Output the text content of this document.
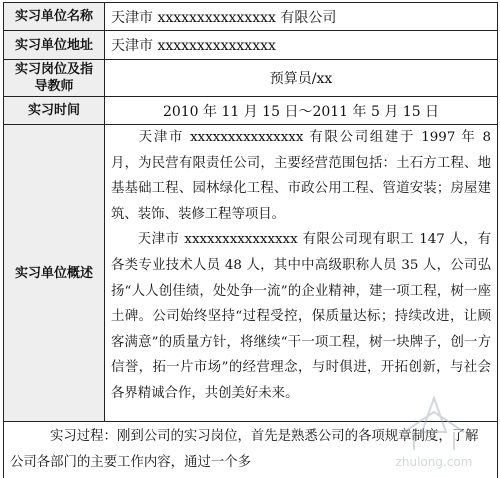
实习单位名称	天津市 xxxxxxxxxxxxxxx 有限公司
实习单位地址	天津市 xxxxxxxxxxxxxxx

实习岗位及指
导教师	预算员/xx
实习时间	2010 年 11 月 15 日～2011 年 5 月 15 日
实习单位概述	天津市 xxxxxxxxxxxxxxx 有限公司组建于 1997 年 8 月，为民营有限责任公司，主要经营范围包括：土石方工程、地基基础工程、园林绿化工程、市政公用工程、管道安装；房屋建筑、装饰、装修工程等项目。

天津市 xxxxxxxxxxxxxxx 有限公司现有职工 147 人，有各类专业技术人员 48 人，其中中高级职称人员 35 人，公司弘扬“人人创佳绩，处处争一流”的企业精神，建一项工程，树一座土碑。公司始终坚持“过程受控，保质量达标；持续改进，让顾客满意”的质量方针，将继续“干一项工程，树一块牌子，创一方信誉，拓一片市场”的经营理念，与时俱进，开拓创新，与社会各界精诚合作，共创美好未来。

实习过程：刚到公司的实习岗位，首先是熟悉公司的各项规章制度，了解公司各部门的主要工作内容，通过一个多		zhulong.com
